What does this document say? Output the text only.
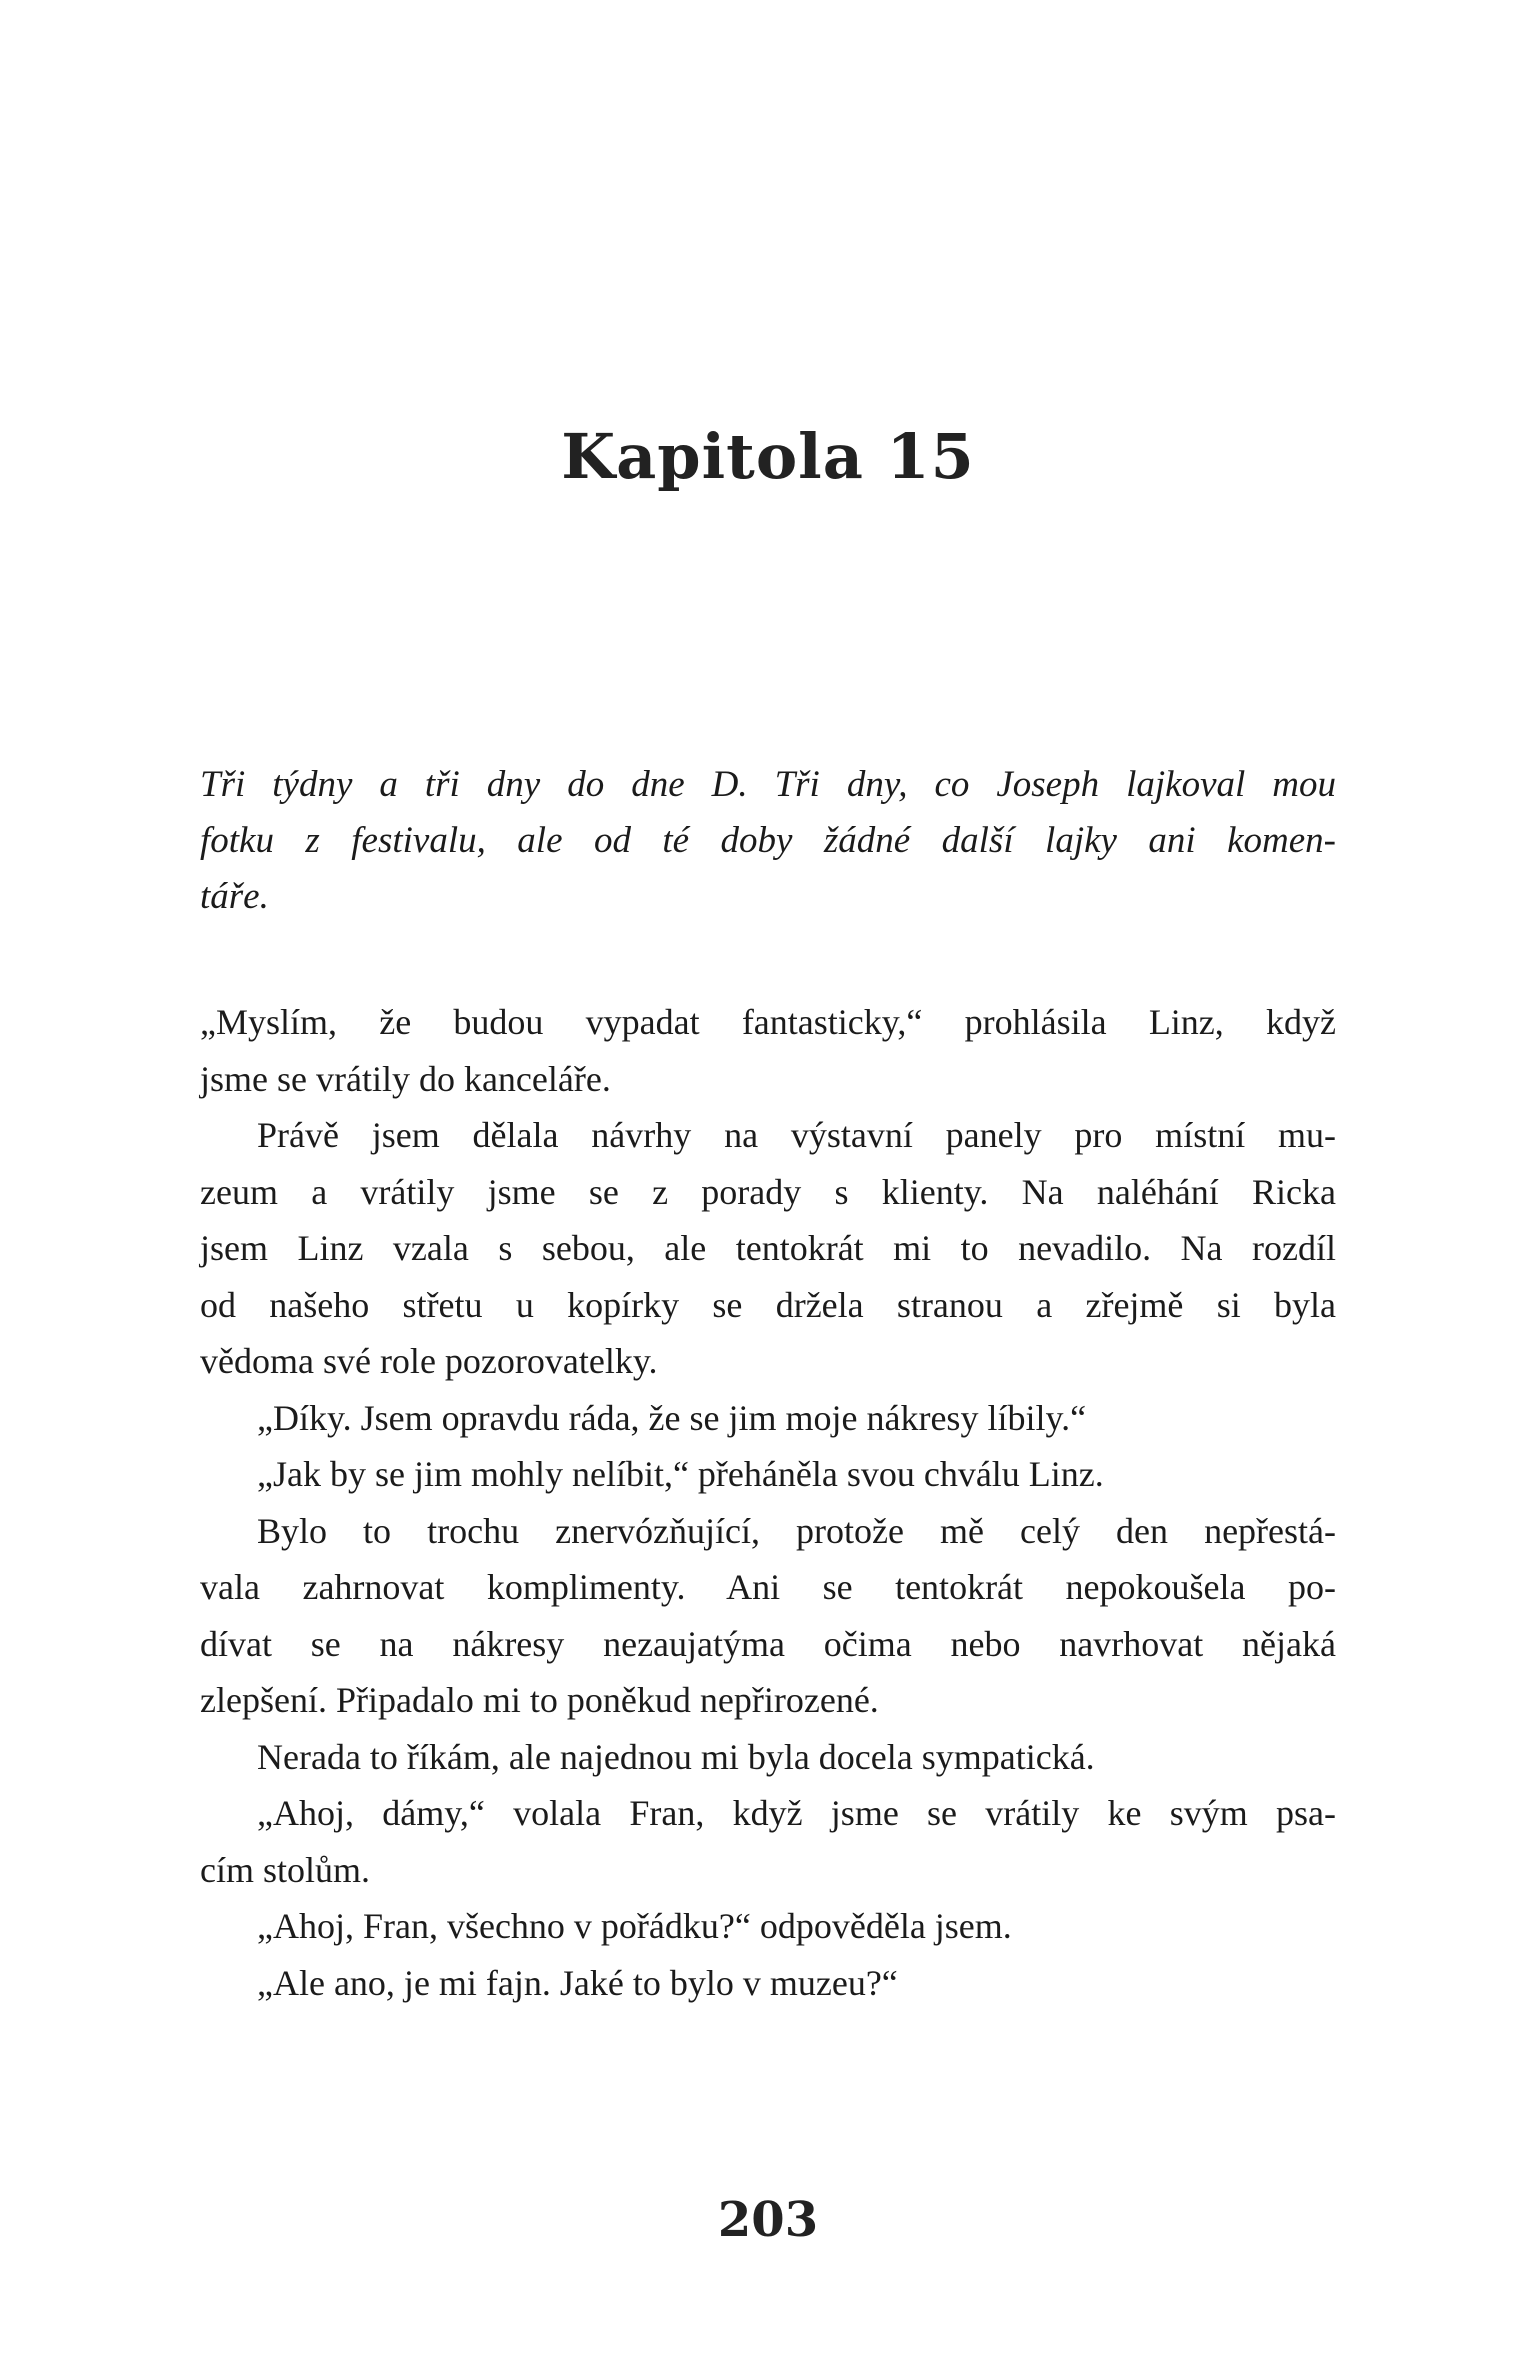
Kapitola 15
Tři týdny a tři dny do dne D. Tři dny, co Joseph lajkoval mou
fotku z festivalu, ale od té doby žádné další lajky ani komen-
táře.
„Myslím, že budou vypadat fantasticky,“ prohlásila Linz, když
jsme se vrátily do kanceláře.
Právě jsem dělala návrhy na výstavní panely pro místní mu-
zeum a vrátily jsme se z porady s klienty. Na naléhání Ricka
jsem Linz vzala s sebou, ale tentokrát mi to nevadilo. Na rozdíl
od našeho střetu u kopírky se držela stranou a zřejmě si byla
vědoma své role pozorovatelky.
„Díky. Jsem opravdu ráda, že se jim moje nákresy líbily.“
„Jak by se jim mohly nelíbit,“ přeháněla svou chválu Linz.
Bylo to trochu znervózňující, protože mě celý den nepřestá-
vala zahrnovat komplimenty. Ani se tentokrát nepokoušela po-
dívat se na nákresy nezaujatýma očima nebo navrhovat nějaká
zlepšení. Připadalo mi to poněkud nepřirozené.
Nerada to říkám, ale najednou mi byla docela sympatická.
„Ahoj, dámy,“ volala Fran, když jsme se vrátily ke svým psa-
cím stolům.
„Ahoj, Fran, všechno v pořádku?“ odpověděla jsem.
„Ale ano, je mi fajn. Jaké to bylo v muzeu?“
203
